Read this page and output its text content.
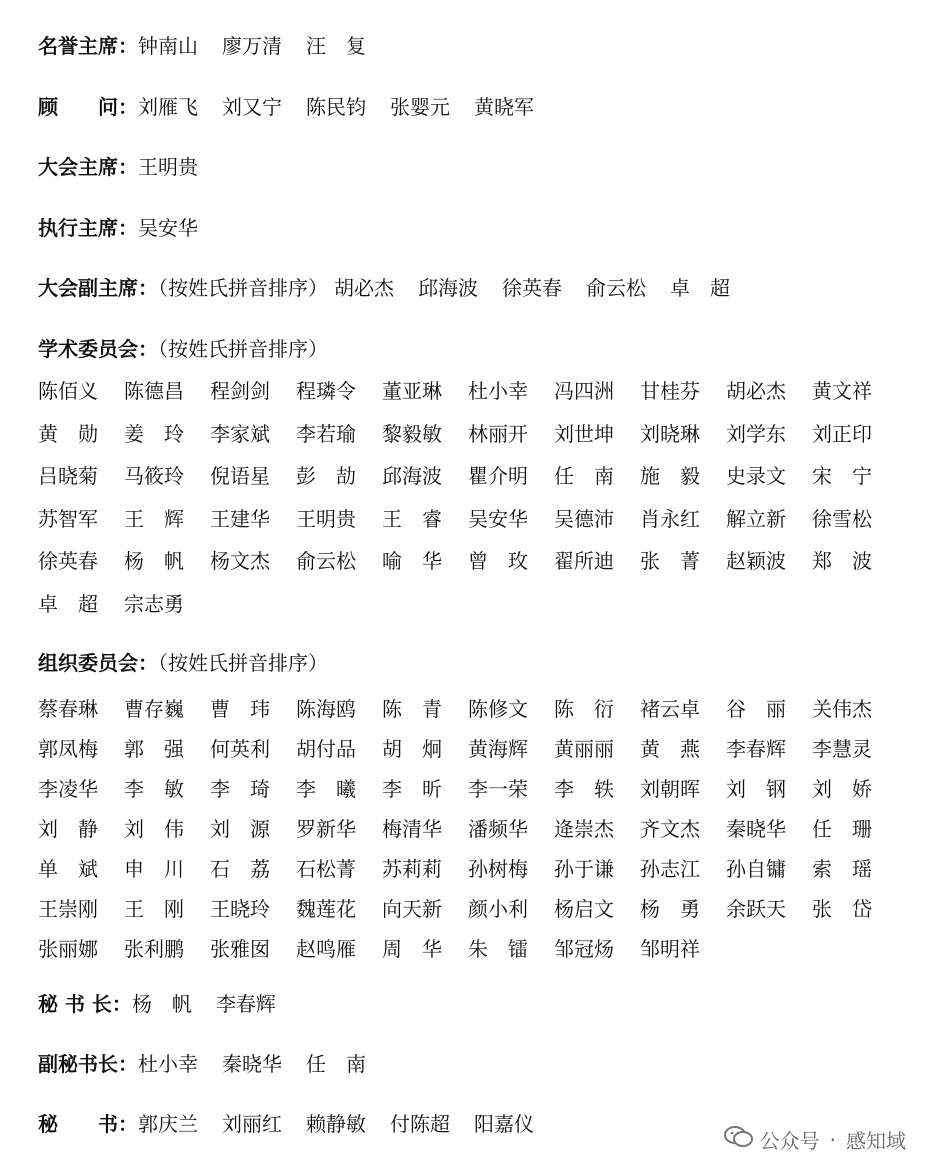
名誉主席：钟南山 廖万清 汪　复
顾　　问：刘雁飞 刘又宁 陈民钧 张婴元 黄晓军
大会主席：王明贵
执行主席：吴安华
大会副主席：（按姓氏拼音排序） 胡必杰 邱海波 徐英春 俞云松 卓　超
学术委员会：（按姓氏拼音排序）
陈佰义	陈德昌	程剑剑	程璘令	董亚琳	杜小幸	冯四洲	甘桂芬	胡必杰	黄文祥
黄　勋	姜　玲	李家斌	李若瑜	黎毅敏	林丽开	刘世坤	刘晓琳	刘学东	刘正印
吕晓菊	马筱玲	倪语星	彭　劼	邱海波	瞿介明	任　南	施　毅	史录文	宋　宁
苏智军	王　辉	王建华	王明贵	王　睿	吴安华	吴德沛	肖永红	解立新	徐雪松
徐英春	杨　帆	杨文杰	俞云松	喻　华	曾　玫	翟所迪	张　菁	赵颖波	郑　波
卓　超	宗志勇
组织委员会：（按姓氏拼音排序）
蔡春琳	曹存巍	曹　玮	陈海鸥	陈　青	陈修文	陈　衍	褚云卓	谷　丽	关伟杰
郭凤梅	郭　强	何英利	胡付品	胡　炯	黄海辉	黄丽丽	黄　燕	李春辉	李慧灵
李凌华	李　敏	李　琦	李　曦	李　昕	李一荣	李　轶	刘朝晖	刘　钢	刘　娇
刘　静	刘　伟	刘　源	罗新华	梅清华	潘频华	逄崇杰	齐文杰	秦晓华	任　珊
单　斌	申　川	石　荔	石松菁	苏莉莉	孙树梅	孙于谦	孙志江	孙自镛	索　瑶
王崇刚	王　刚	王晓玲	魏莲花	向天新	颜小利	杨启文	杨　勇	余跃天	张　岱
张丽娜	张利鹏	张雅囡	赵鸣雁	周　华	朱　镭	邹冠炀	邹明祥
秘 书 长：杨　帆 李春辉
副秘书长：杜小幸 秦晓华 任　南
秘　　书：郭庆兰 刘丽红 赖静敏 付陈超 阳嘉仪
公众号 · 感知域
